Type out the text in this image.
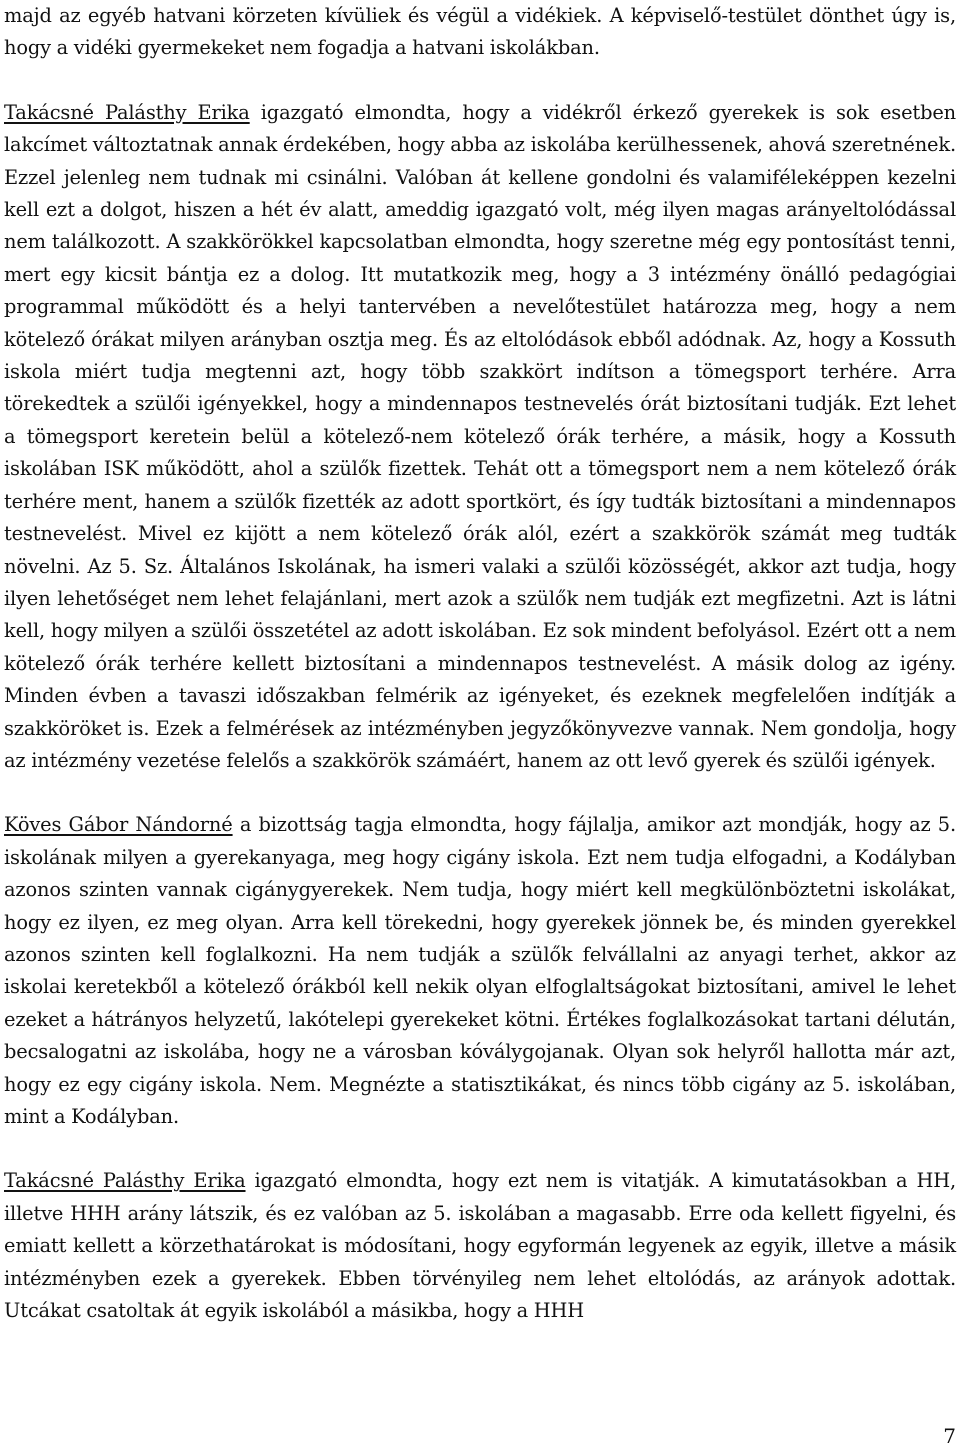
majd az egyéb hatvani körzeten kívüliek és végül a vidékiek. A képviselő-testület dönthet úgy is, hogy a vidéki gyermekeket nem fogadja a hatvani iskolákban.

Takácsné Palásthy Erika igazgató elmondta, hogy a vidékről érkező gyerekek is sok esetben lakcímet változtatnak annak érdekében, hogy abba az iskolába kerülhessenek, ahová szeretnének. Ezzel jelenleg nem tudnak mi csinálni. Valóban át kellene gondolni és valamiféleképpen kezelni kell ezt a dolgot, hiszen a hét év alatt, ameddig igazgató volt, még ilyen magas arányeltolódással nem találkozott. A szakkörökkel kapcsolatban elmondta, hogy szeretne még egy pontosítást tenni, mert egy kicsit bántja ez a dolog. Itt mutatkozik meg, hogy a 3 intézmény önálló pedagógiai programmal működött és a helyi tantervében a nevelőtestület határozza meg, hogy a nem kötelező órákat milyen arányban osztja meg. És az eltolódások ebből adódnak. Az, hogy a Kossuth iskola miért tudja megtenni azt, hogy több szakkört indítson a tömegsport terhére. Arra törekedtek a szülői igényekkel, hogy a mindennapos testnevelés órát biztosítani tudják. Ezt lehet a tömegsport keretein belül a kötelező-nem kötelező órák terhére, a másik, hogy a Kossuth iskolában ISK működött, ahol a szülők fizettek. Tehát ott a tömegsport nem a nem kötelező órák terhére ment, hanem a szülők fizették az adott sportkört, és így tudták biztosítani a mindennapos testnevelést. Mivel ez kijött a nem kötelező órák alól, ezért a szakkörök számát meg tudták növelni. Az 5. Sz. Általános Iskolának, ha ismeri valaki a szülői közösségét, akkor azt tudja, hogy ilyen lehetőséget nem lehet felajánlani, mert azok a szülők nem tudják ezt megfizetni. Azt is látni kell, hogy milyen a szülői összetétel az adott iskolában. Ez sok mindent befolyásol. Ezért ott a nem kötelező órák terhére kellett biztosítani a mindennapos testnevelést. A másik dolog az igény. Minden évben a tavaszi időszakban felmérik az igényeket, és ezeknek megfelelően indítják a szakköröket is. Ezek a felmérések az intézményben jegyzőkönyvezve vannak. Nem gondolja, hogy az intézmény vezetése felelős a szakkörök számáért, hanem az ott levő gyerek és szülői igények.

Köves Gábor Nándorné a bizottság tagja elmondta, hogy fájlalja, amikor azt mondják, hogy az 5. iskolának milyen a gyerekanyaga, meg hogy cigány iskola. Ezt nem tudja elfogadni, a Kodályban azonos szinten vannak cigánygyerekek. Nem tudja, hogy miért kell megkülönböztetni iskolákat, hogy ez ilyen, ez meg olyan. Arra kell törekedni, hogy gyerekek jönnek be, és minden gyerekkel azonos szinten kell foglalkozni. Ha nem tudják a szülők felvállalni az anyagi terhet, akkor az iskolai keretekből a kötelező órákból kell nekik olyan elfoglaltságokat biztosítani, amivel le lehet ezeket a hátrányos helyzetű, lakótelepi gyerekeket kötni. Értékes foglalkozásokat tartani délután, becsalogatni az iskolába, hogy ne a városban kóválygojanak. Olyan sok helyről hallotta már azt, hogy ez egy cigány iskola. Nem. Megnézte a statisztikákat, és nincs több cigány az 5. iskolában, mint a Kodályban.

Takácsné Palásthy Erika igazgató elmondta, hogy ezt nem is vitatják. A kimutatásokban a HH, illetve HHH arány látszik, és ez valóban az 5. iskolában a magasabb. Erre oda kellett figyelni, és emiatt kellett a körzethatárokat is módosítani, hogy egyformán legyenek az egyik, illetve a másik intézményben ezek a gyerekek. Ebben törvényileg nem lehet eltolódás, az arányok adottak. Utcákat csatoltak át egyik iskolából a másikba, hogy a HHH

7
